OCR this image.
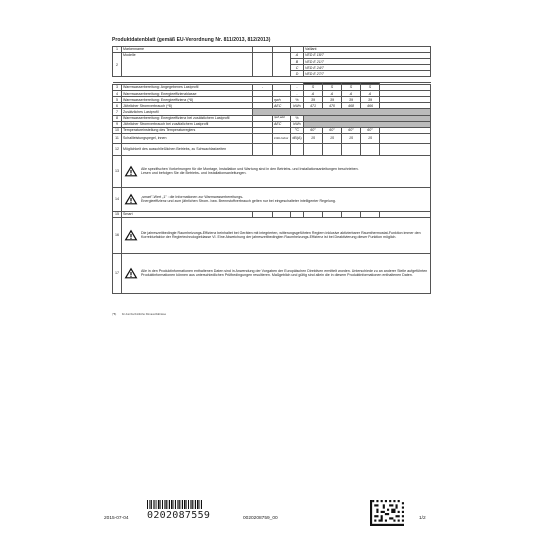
Produktdatenblatt (gemäß EU-Verordnung Nr. 811/2013, 812/2013)
1	Markenname				Vaillant				
2	Modelle			A	VED E 18/7				
				B	VED E 21/7				
				C	VED E 24/7				
				D	VED E 27/7				

3	Warmwasserbereitung: Angegebenes Lastprofil	-		-	S	S	S	S	
4	Warmwasserbereitung: Energieeffizienzklasse			-	A	A	A	A	
5	Warmwasserbereitung: Energieeffizienz (*8)		ηwh	%	39	39	39	39	
6	Jährlicher Stromverbrauch (*8)		AEC	kWh	471	470	468	466	
7	Zusätzliches Lastprofil								
8	Warmwasserbereitung: Energieeffizienz bei zusätzlichem Lastprofil		ηwh,add	%					
9	Jährlicher Stromverbrauch bei zusätzlichem Lastprofil		AEC	kWh					
10	Temperatureinstellung des Temperaturreglers			°C	60°	60°	60°	60°	
11	Schallleistungspegel, innen		LWA indoor	dB(A)	15	15	15	15	
12	Möglichkeit des ausschließlichen Betriebs, zu Schwachlastzeiten								
13	Alle spezifischen Vorkehrungen für die Montage, Installation und Wartung sind in den Betriebs- und Installationsanleitungen beschrieben.
Lesen und befolgen Sie die Betriebs- und Installationsanleitungen.								

14	„smart"-Wert „1" : die Informationen zur Warmwasserbereitungs-
Energieeffizienz und zum jährlichen Strom- bzw. Brennstoffverbrauch gelten nur bei eingeschalteter intelligenter Regelung.								

15	Smart								
16	Die jahreszeitbedingte Raumheizungs-Effizienz beinhaltet bei Geräten mit integrierten, witterungsgeführten Reglern inklusive aktivierbarer Raumthermostat-Funktion immer den Korrekturfaktor der Reglertechnologieklasse VI. Eine Abweichung der jahreszeitbedingten Raumheizungs-Effizienz ist bei Deaktivierung dieser Funktion möglich.								

17	Alle in den Produktinformationen enthaltenen Daten sind in Anwendung der Vorgaben der Europäischen Direktiven ermittelt worden. Unterschiede zu an anderer Stelle aufgeführten Produktinformationen können aus unterschiedlichen Prüfbedingungen resultieren. Maßgeblich und gültig sind allein die in diesem Produktinformationen enthaltenen Daten.								
(*8) für durchschnittliche Klimaverhältnisse
2015-07-04 0202087559	0020208759_00	1/2
